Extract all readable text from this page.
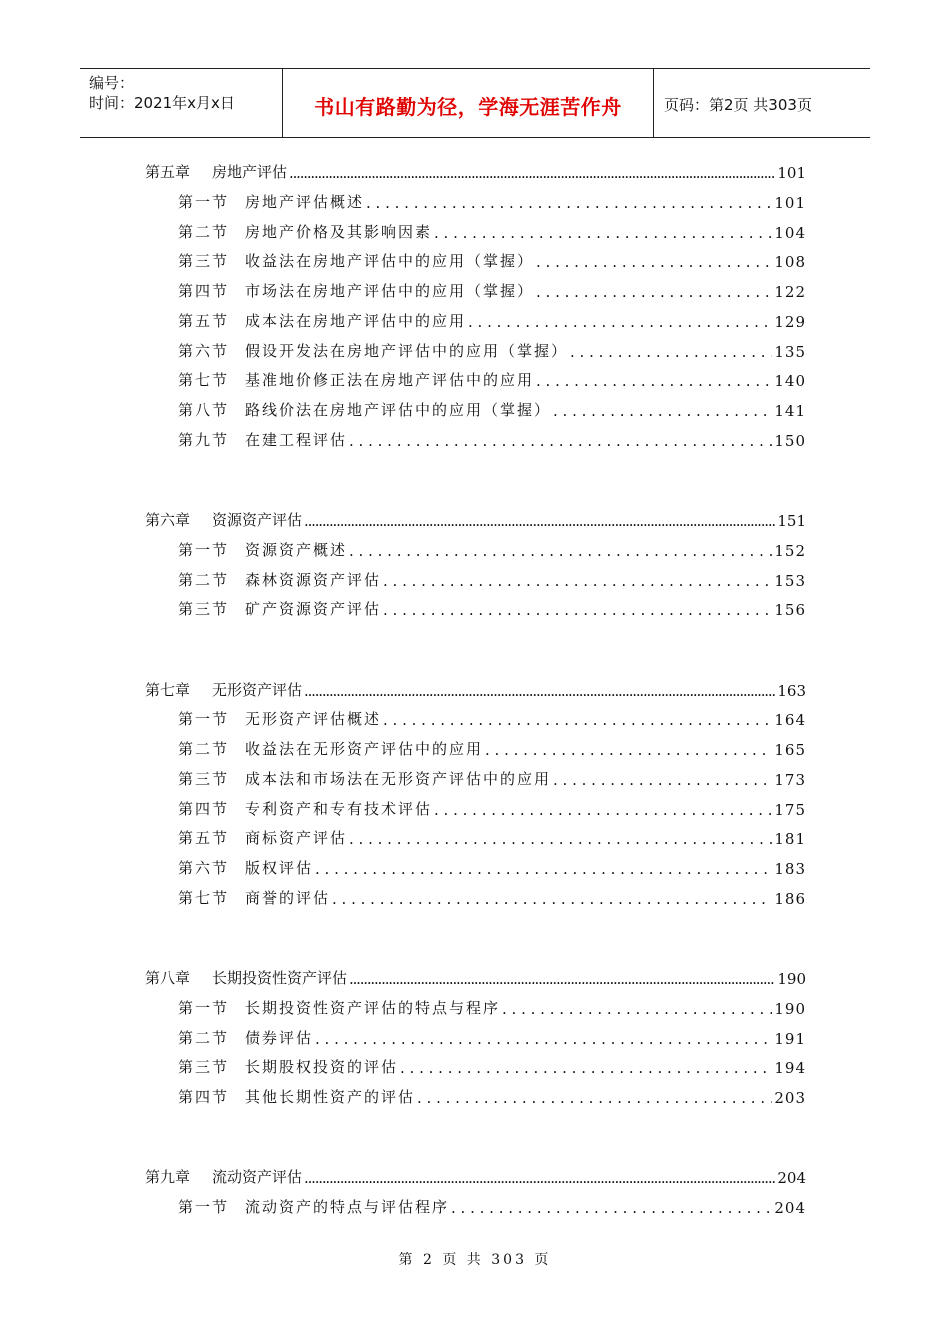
编号：
时间：2021年x月x日	书山有路勤为径，学海无涯苦作舟	页码：第2页 共303页
第五章	房地产评估 .....	101
第一节	房地产评估概述 . . .	101
第二节	房地产价格及其影响因素 . . .	104
第三节	收益法在房地产评估中的应用（掌握） . . .	108
第四节	市场法在房地产评估中的应用（掌握） . . .	122
第五节	成本法在房地产评估中的应用 . . .	129
第六节	假设开发法在房地产评估中的应用（掌握） . . .	135
第七节	基准地价修正法在房地产评估中的应用 . . .	140
第八节	路线价法在房地产评估中的应用（掌握） . . .	141
第九节	在建工程评估 . . .	150
第六章	资源资产评估 .....	151
第一节	资源资产概述 . . .	152
第二节	森林资源资产评估 . . .	153
第三节	矿产资源资产评估 . . .	156
第七章	无形资产评估 .....	163
第一节	无形资产评估概述 . . .	164
第二节	收益法在无形资产评估中的应用 . . .	165
第三节	成本法和市场法在无形资产评估中的应用 . . .	173
第四节	专利资产和专有技术评估 . . .	175
第五节	商标资产评估 . . .	181
第六节	版权评估 . . .	183
第七节	商誉的评估 . . .	186
第八章	长期投资性资产评估 .....	190
第一节	长期投资性资产评估的特点与程序 . . .	190
第二节	债券评估 . . .	191
第三节	长期股权投资的评估 . . .	194
第四节	其他长期性资产的评估 . . .	203
第九章	流动资产评估 .....	204
第一节	流动资产的特点与评估程序 . . .	204
第 2 页 共 303 页
